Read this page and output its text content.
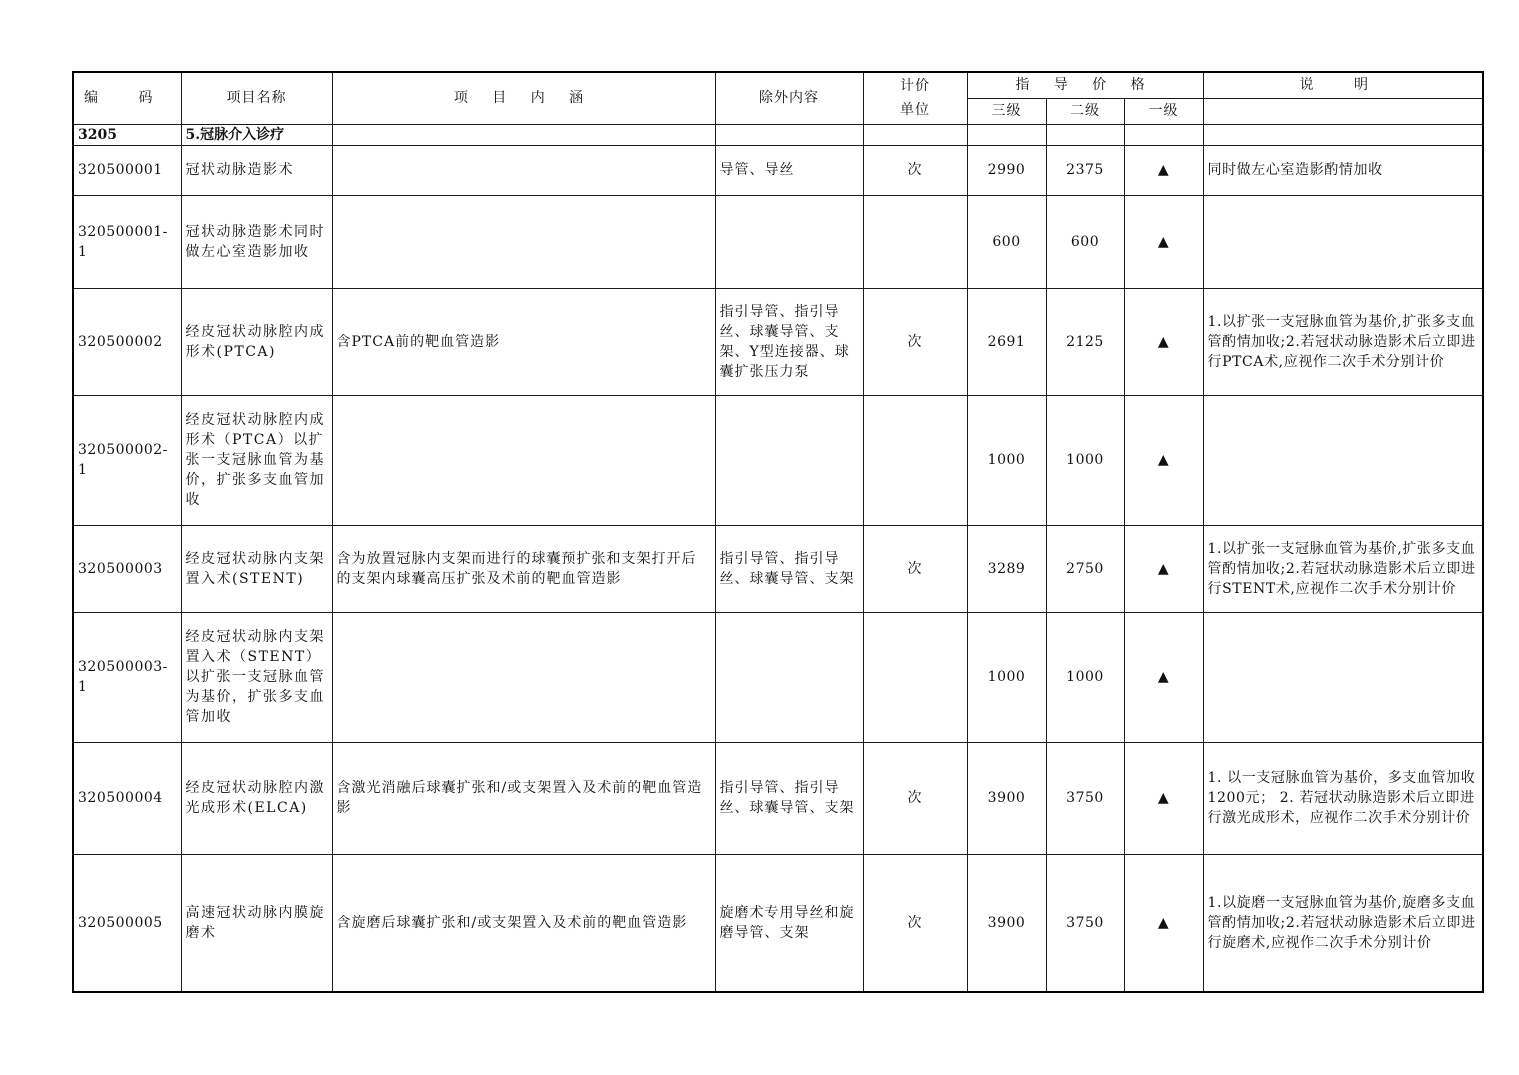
编 码	项目名称	项 目 内 涵	除外内容	计价
单位	指 导 价 格			说 明
					三级	二级	一级	
3205	5.冠脉介入诊疗							
320500001	冠状动脉造影术		导管、导丝	次	2990	2375	▲	同时做左心室造影酌情加收
320500001-1	冠状动脉造影术同时做左心室造影加收				600	600	▲	
320500002	经皮冠状动脉腔内成形术(PTCA)	含PTCA前的靶血管造影	指引导管、指引导丝、球囊导管、支架、Y型连接器、球囊扩张压力泵	次	2691	2125	▲	1.以扩张一支冠脉血管为基价,扩张多支血管酌情加收;2.若冠状动脉造影术后立即进行PTCA术,应视作二次手术分别计价
320500002-1	经皮冠状动脉腔内成形术（PTCA）以扩张一支冠脉血管为基价，扩张多支血管加收				1000	1000	▲	
320500003	经皮冠状动脉内支架置入术(STENT)	含为放置冠脉内支架而进行的球囊预扩张和支架打开后的支架内球囊高压扩张及术前的靶血管造影	指引导管、指引导丝、球囊导管、支架	次	3289	2750	▲	1.以扩张一支冠脉血管为基价,扩张多支血管酌情加收;2.若冠状动脉造影术后立即进行STENT术,应视作二次手术分别计价
320500003-1	经皮冠状动脉内支架置入术（STENT） 以扩张一支冠脉血管为基价，扩张多支血管加收				1000	1000	▲	
320500004	经皮冠状动脉腔内激光成形术(ELCA)	含激光消融后球囊扩张和/或支架置入及术前的靶血管造影	指引导管、指引导丝、球囊导管、支架	次	3900	3750	▲	1. 以一支冠脉血管为基价，多支血管加收1200元； 2. 若冠状动脉造影术后立即进行激光成形术，应视作二次手术分别计价
320500005	高速冠状动脉内膜旋磨术	含旋磨后球囊扩张和/或支架置入及术前的靶血管造影	旋磨术专用导丝和旋磨导管、支架	次	3900	3750	▲	1.以旋磨一支冠脉血管为基价,旋磨多支血管酌情加收;2.若冠状动脉造影术后立即进行旋磨术,应视作二次手术分别计价
